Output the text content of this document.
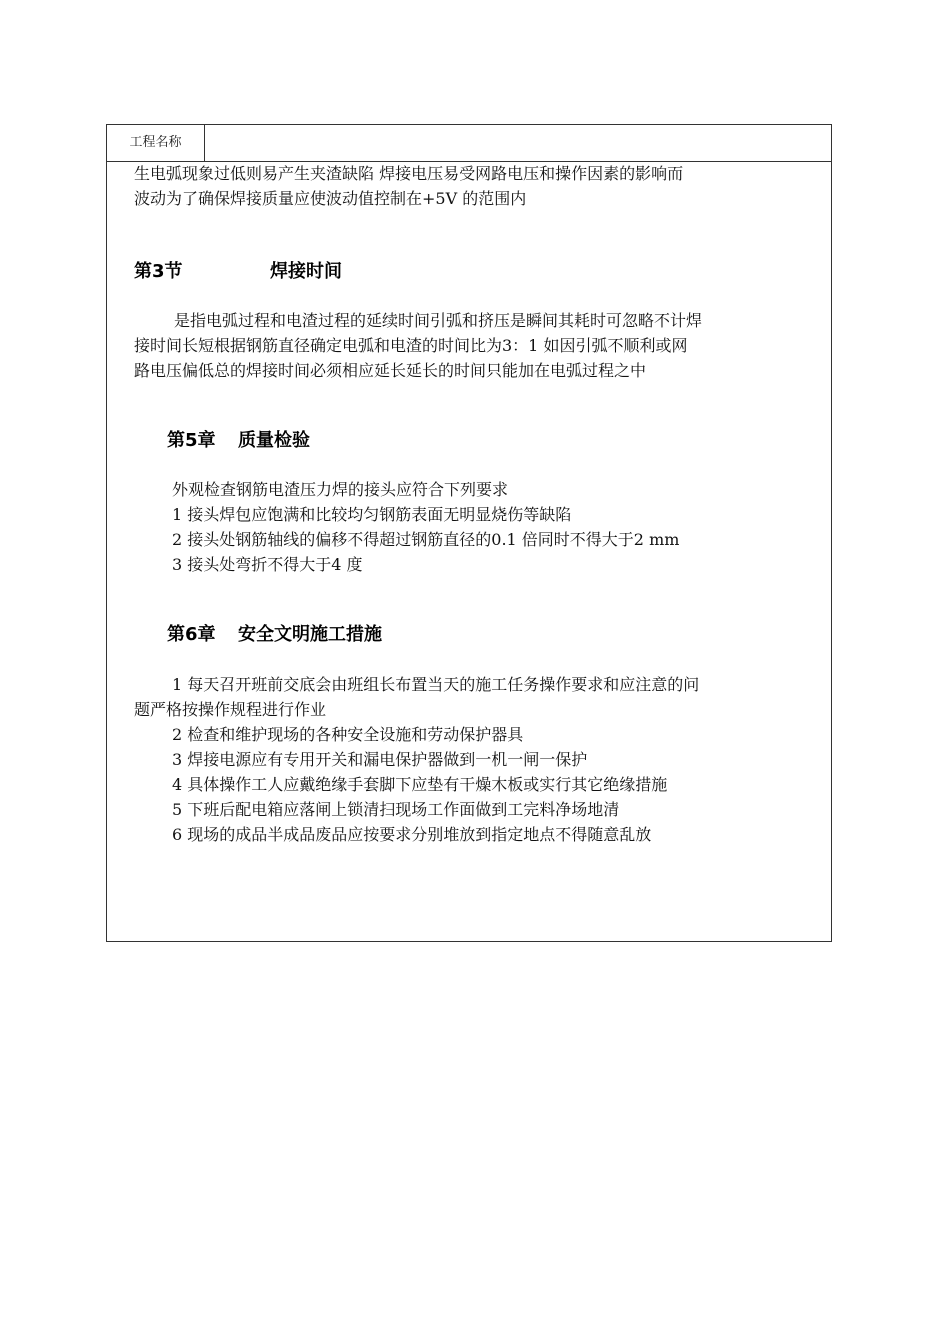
工程名称
生电弧现象过低则易产生夹渣缺陷 焊接电压易受网路电压和操作因素的影响而
波动为了确保焊接质量应使波动值控制在+5V 的范围内
第3节	焊接时间
是指电弧过程和电渣过程的延续时间引弧和挤压是瞬间其耗时可忽略不计焊
接时间长短根据钢筋直径确定电弧和电渣的时间比为3：1 如因引弧不顺利或网
路电压偏低总的焊接时间必须相应延长延长的时间只能加在电弧过程之中
第5章 质量检验
外观检查钢筋电渣压力焊的接头应符合下列要求
1 接头焊包应饱满和比较均匀钢筋表面无明显烧伤等缺陷
2 接头处钢筋轴线的偏移不得超过钢筋直径的0.1 倍同时不得大于2 mm
3 接头处弯折不得大于4 度
第6章 安全文明施工措施
1 每天召开班前交底会由班组长布置当天的施工任务操作要求和应注意的问
题严格按操作规程进行作业
2 检查和维护现场的各种安全设施和劳动保护器具
3 焊接电源应有专用开关和漏电保护器做到一机一闸一保护
4 具体操作工人应戴绝缘手套脚下应垫有干燥木板或实行其它绝缘措施
5 下班后配电箱应落闸上锁清扫现场工作面做到工完料净场地清
6 现场的成品半成品废品应按要求分别堆放到指定地点不得随意乱放
